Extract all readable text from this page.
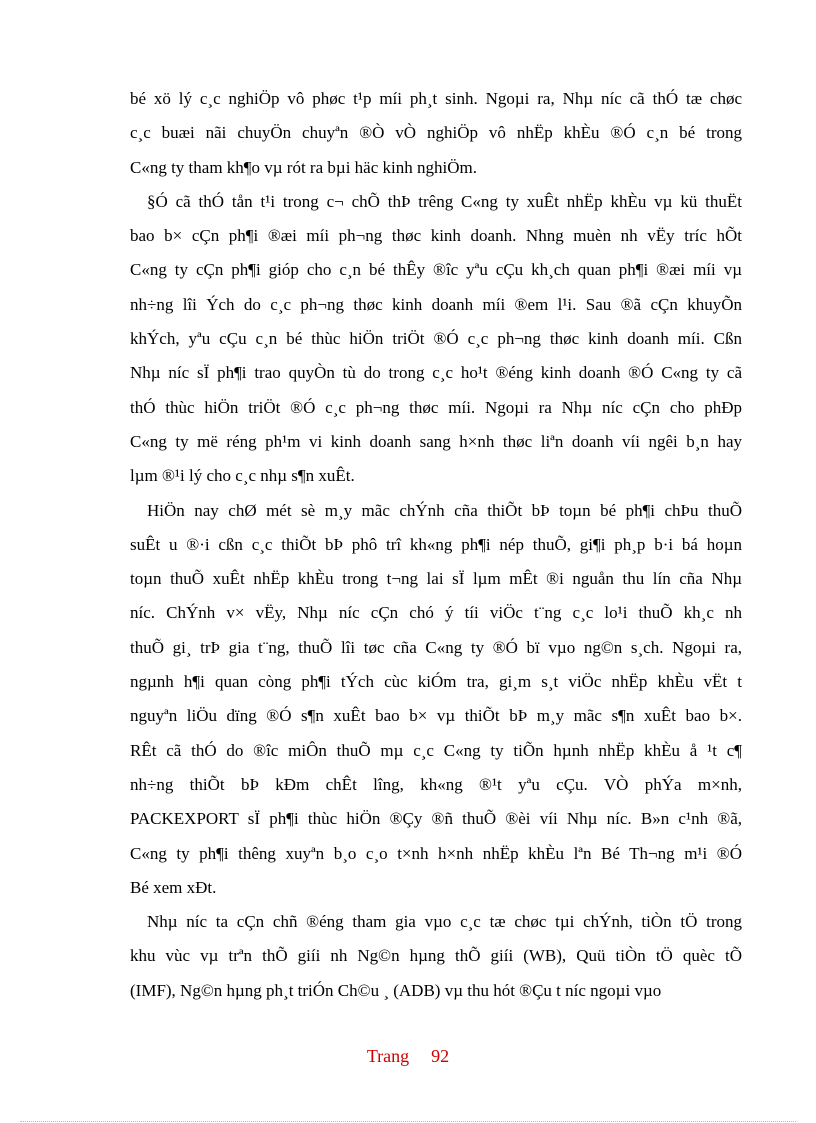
bé xö lý c¸c nghiÖp vô phøc t¹p míi ph¸t sinh. Ngoµi ra, Nhµ níc cã thÓ tæ chøc
c¸c buæi nãi chuyÖn chuyªn ®Ò vÒ nghiÖp vô nhËp khÈu ®Ó c¸n bé trong
C«ng ty tham kh¶o vµ rót ra bµi häc kinh nghiÖm.
§Ó cã thÓ tån t¹i trong c¬ chÕ thÞ trêng C«ng ty xuÊt nhËp khÈu vµ kü thuËt
bao b× cÇn ph¶i ®æi míi ph¬ng thøc kinh doanh. Nhng muèn nh vËy tríc hÕt
C«ng ty cÇn ph¶i gióp cho c¸n bé thÊy ®îc yªu cÇu kh¸ch quan ph¶i ®æi míi vµ
nh÷ng lîi Ých do c¸c ph¬ng thøc kinh doanh míi ®em l¹i. Sau ®ã cÇn khuyÕn
khÝch, yªu cÇu c¸n bé thùc hiÖn triÖt ®Ó c¸c ph¬ng thøc kinh doanh míi. Cßn
Nhµ níc sÏ ph¶i trao quyÒn tù do trong c¸c ho¹t ®éng kinh doanh ®Ó C«ng ty cã
thÓ thùc hiÖn triÖt ®Ó c¸c ph¬ng thøc míi. Ngoµi ra Nhµ níc cÇn cho phÐp
C«ng ty më réng ph¹m vi kinh doanh sang h×nh thøc liªn doanh víi ngêi b¸n hay
lµm ®¹i lý cho c¸c nhµ s¶n xuÊt.
HiÖn nay chØ mét sè m¸y mãc chÝnh cña thiÕt bÞ toµn bé ph¶i chÞu thuÕ
suÊt u ®·i cßn c¸c thiÕt bÞ phô trî kh«ng ph¶i nép thuÕ, gi¶i ph¸p b·i bá hoµn
toµn thuÕ xuÊt nhËp khÈu trong t¬ng lai sÏ lµm mÊt ®i nguån thu lín cña Nhµ
níc. ChÝnh v× vËy, Nhµ níc cÇn chó ý tíi viÖc t¨ng c¸c lo¹i thuÕ kh¸c nh
thuÕ gi¸ trÞ gia t¨ng, thuÕ lîi tøc cña C«ng ty ®Ó bï vµo ng©n s¸ch. Ngoµi ra,
ngµnh h¶i quan còng ph¶i tÝch cùc kiÓm tra, gi¸m s¸t viÖc nhËp khÈu vËt t
nguyªn liÖu dïng ®Ó s¶n xuÊt bao b× vµ thiÕt bÞ m¸y mãc s¶n xuÊt bao b×.
RÊt cã thÓ do ®îc miÔn thuÕ mµ c¸c C«ng ty tiÕn hµnh nhËp khÈu å ¹t c¶
nh÷ng thiÕt bÞ kÐm chÊt lîng, kh«ng ®¹t yªu cÇu. VÒ phÝa m×nh,
PACKEXPORT sÏ ph¶i thùc hiÖn ®Çy ®ñ thuÕ ®èi víi Nhµ níc. B»n c¹nh ®ã,
C«ng ty ph¶i thêng xuyªn b¸o c¸o t×nh h×nh nhËp khÈu lªn Bé Th¬ng m¹i ®Ó
Bé xem xÐt.
Nhµ níc ta cÇn chñ ®éng tham gia vµo c¸c tæ chøc tµi chÝnh, tiÒn tÖ trong
khu vùc vµ trªn thÕ giíi nh Ng©n hµng thÕ giíi (WB), Quü tiÒn tÖ quèc tÕ
(IMF), Ng©n hµng ph¸t triÓn Ch©u ¸ (ADB) vµ thu hót ®Çu t níc ngoµi vµo
Trang 92
